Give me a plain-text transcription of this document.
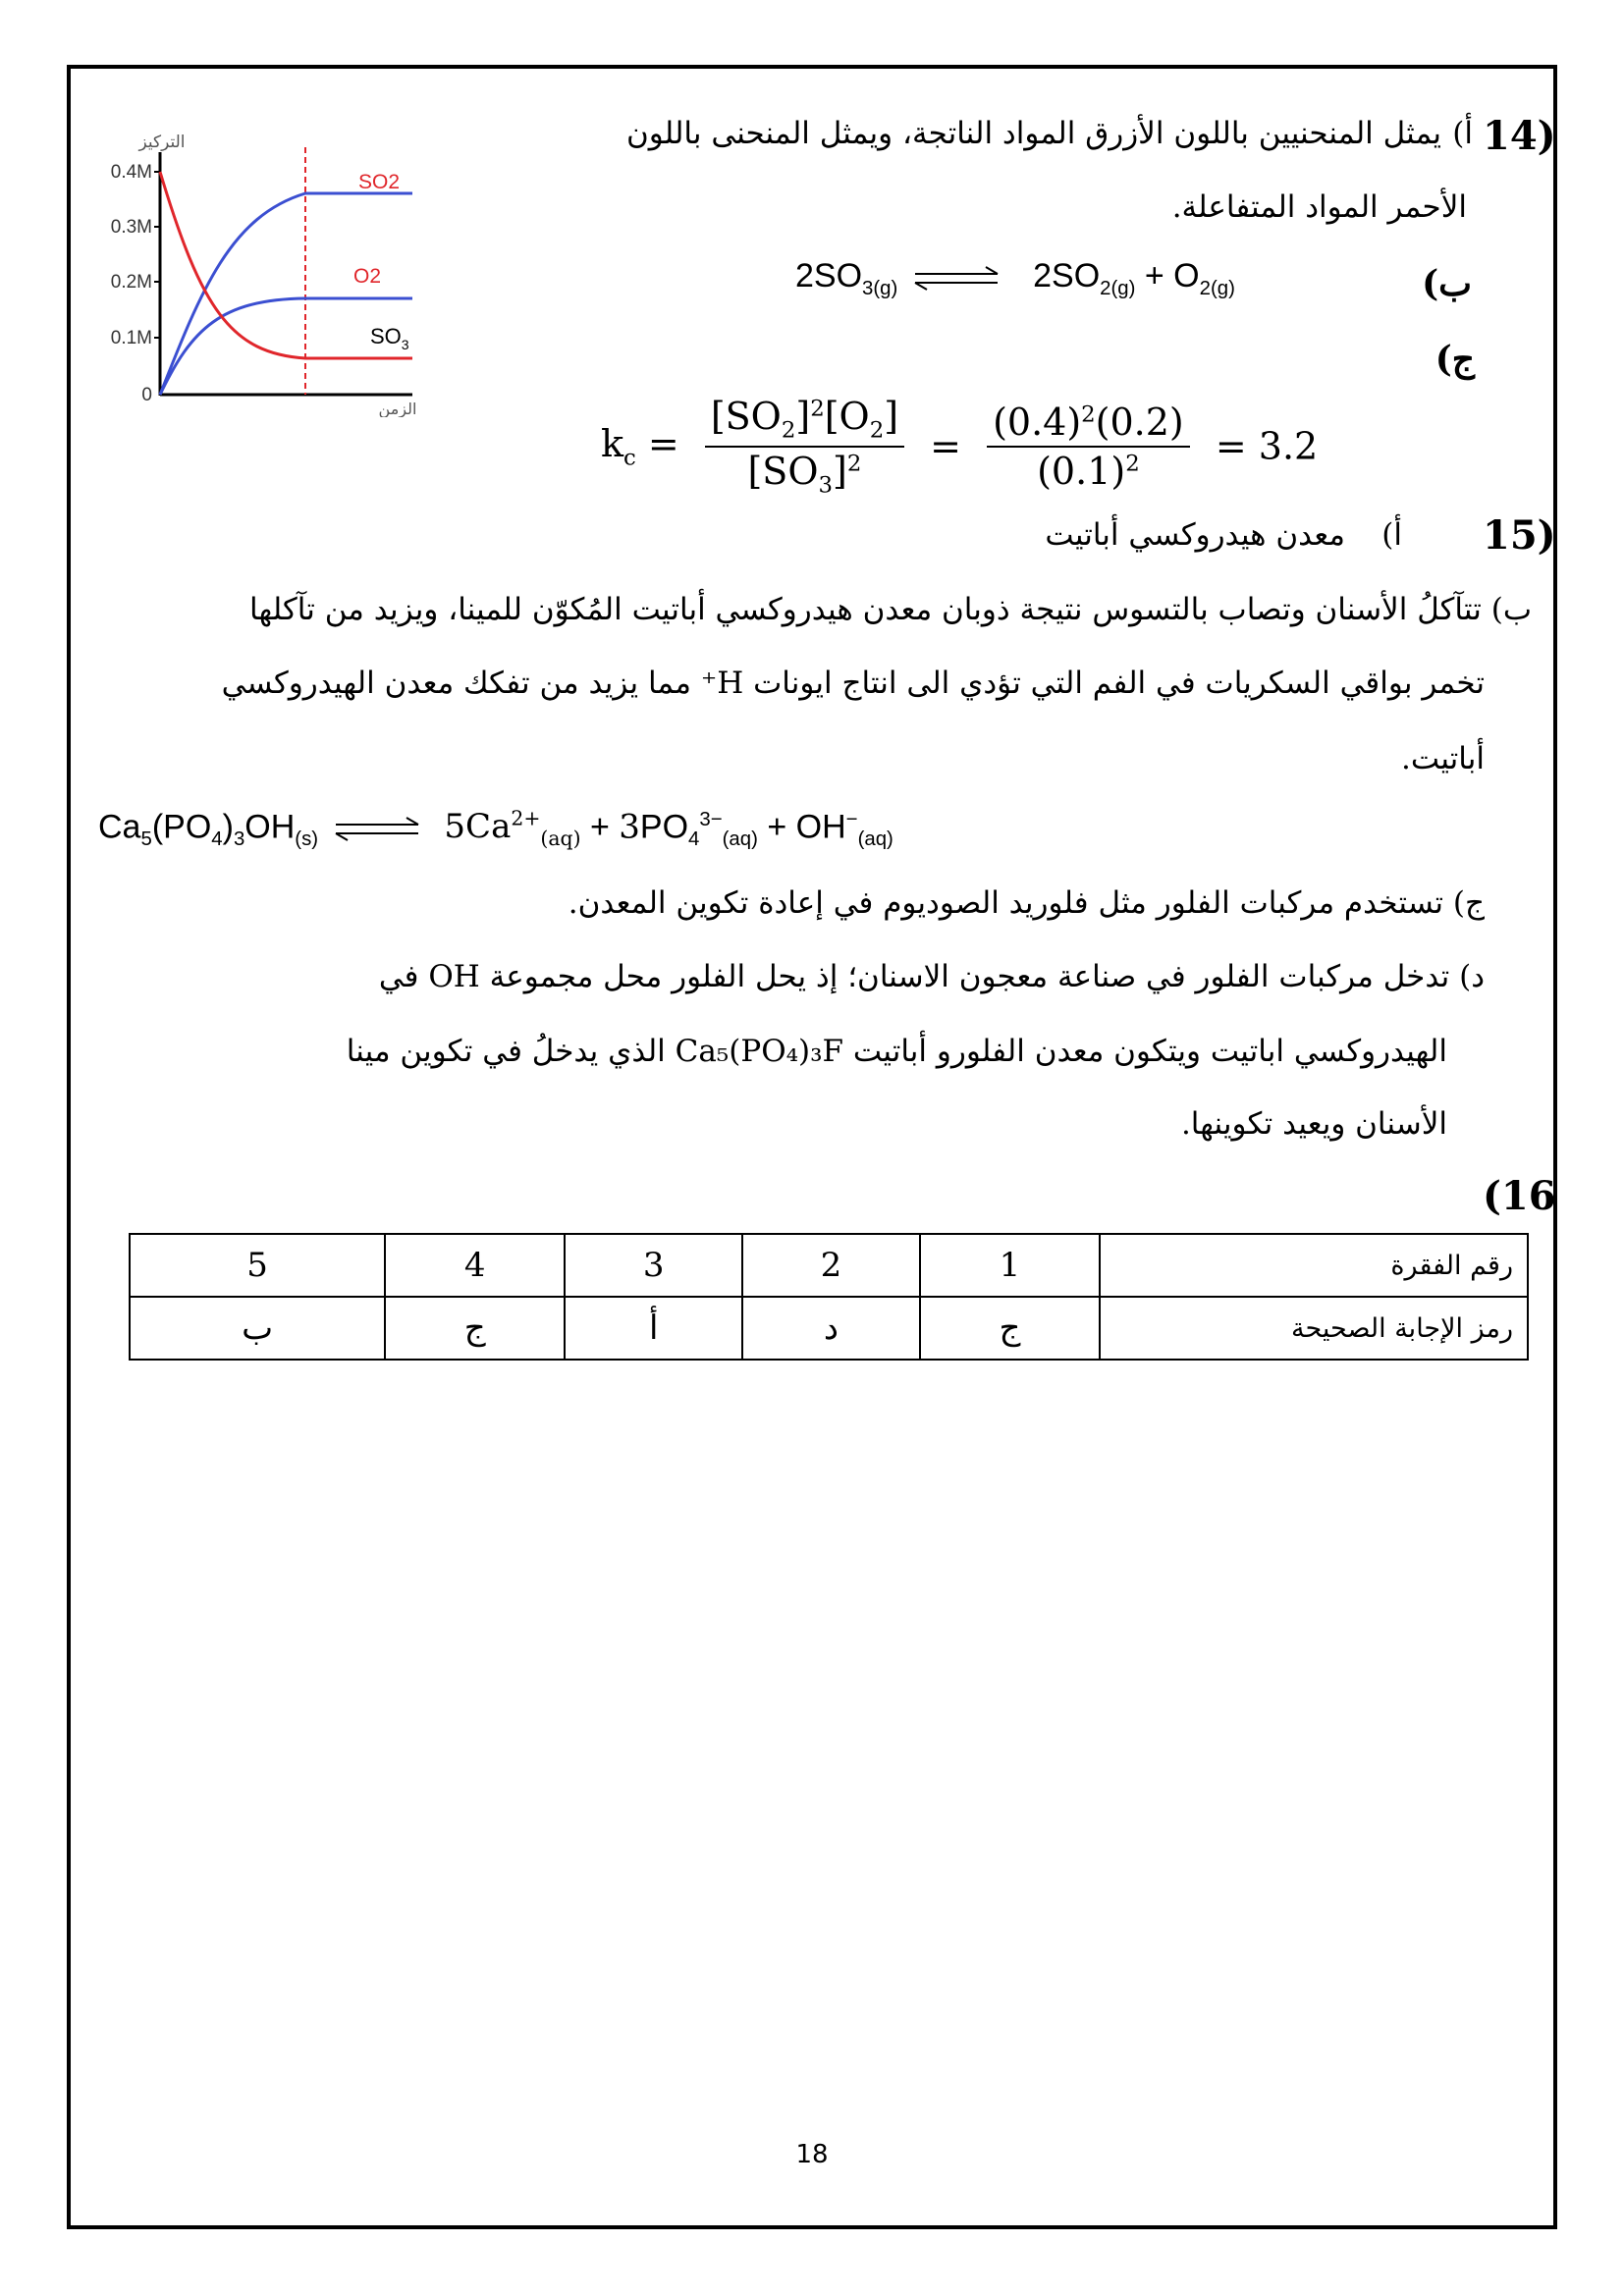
14)
أ)
يمثل المنحنيين باللون الأزرق المواد الناتجة، ويمثل المنحنى باللون
الأحمر المواد المتفاعلة.
التركيز
0.4M
0.3M
0.2M
0.1M
0
SO2
O2
$SO_3$
الزمن
ب)
$2SO_{3(g)}$ ⇌ $2SO_{2(g)} + O_{2(g)}$
ج)
$k_c = \frac{[SO_2]^2[O_2]}{[SO_3]^2} = \frac{(0.4)^2(0.2)}{(0.1)^2} = 3.2$
15)
أ)
معدن هيدروكسي أباتيت
ب) تتآكلُ الأسنان وتصاب بالتسوس نتيجة ذوبان معدن هيدروكسي أباتيت المُكوّن للمينا، ويزيد من تآكلها
تخمر بواقي السكريات في الفم التي تؤدي الى انتاج ايونات H⁺ مما يزيد من تفكك معدن الهيدروكسي
أباتيت.
$Ca_5(PO_4)_3OH_{(s)}$ ⇌ $5Ca^{2+}_{(aq)} + 3PO_4^{3-}_{(aq)} + OH^-_{(aq)}$
ج) تستخدم مركبات الفلور مثل فلوريد الصوديوم في إعادة تكوين المعدن.
د) تدخل مركبات الفلور في صناعة معجون الاسنان؛ إذ يحل الفلور محل مجموعة OH في
الهيدروكسي اباتيت ويتكون معدن الفلورو أباتيت Ca₅(PO₄)₃F الذي يدخلُ في تكوين مينا
الأسنان ويعيد تكوينها.
(16
رقم الفقرة	1	2	3	4	5
رمز الإجابة الصحيحة	ج	د	أ	ج	ب
18
